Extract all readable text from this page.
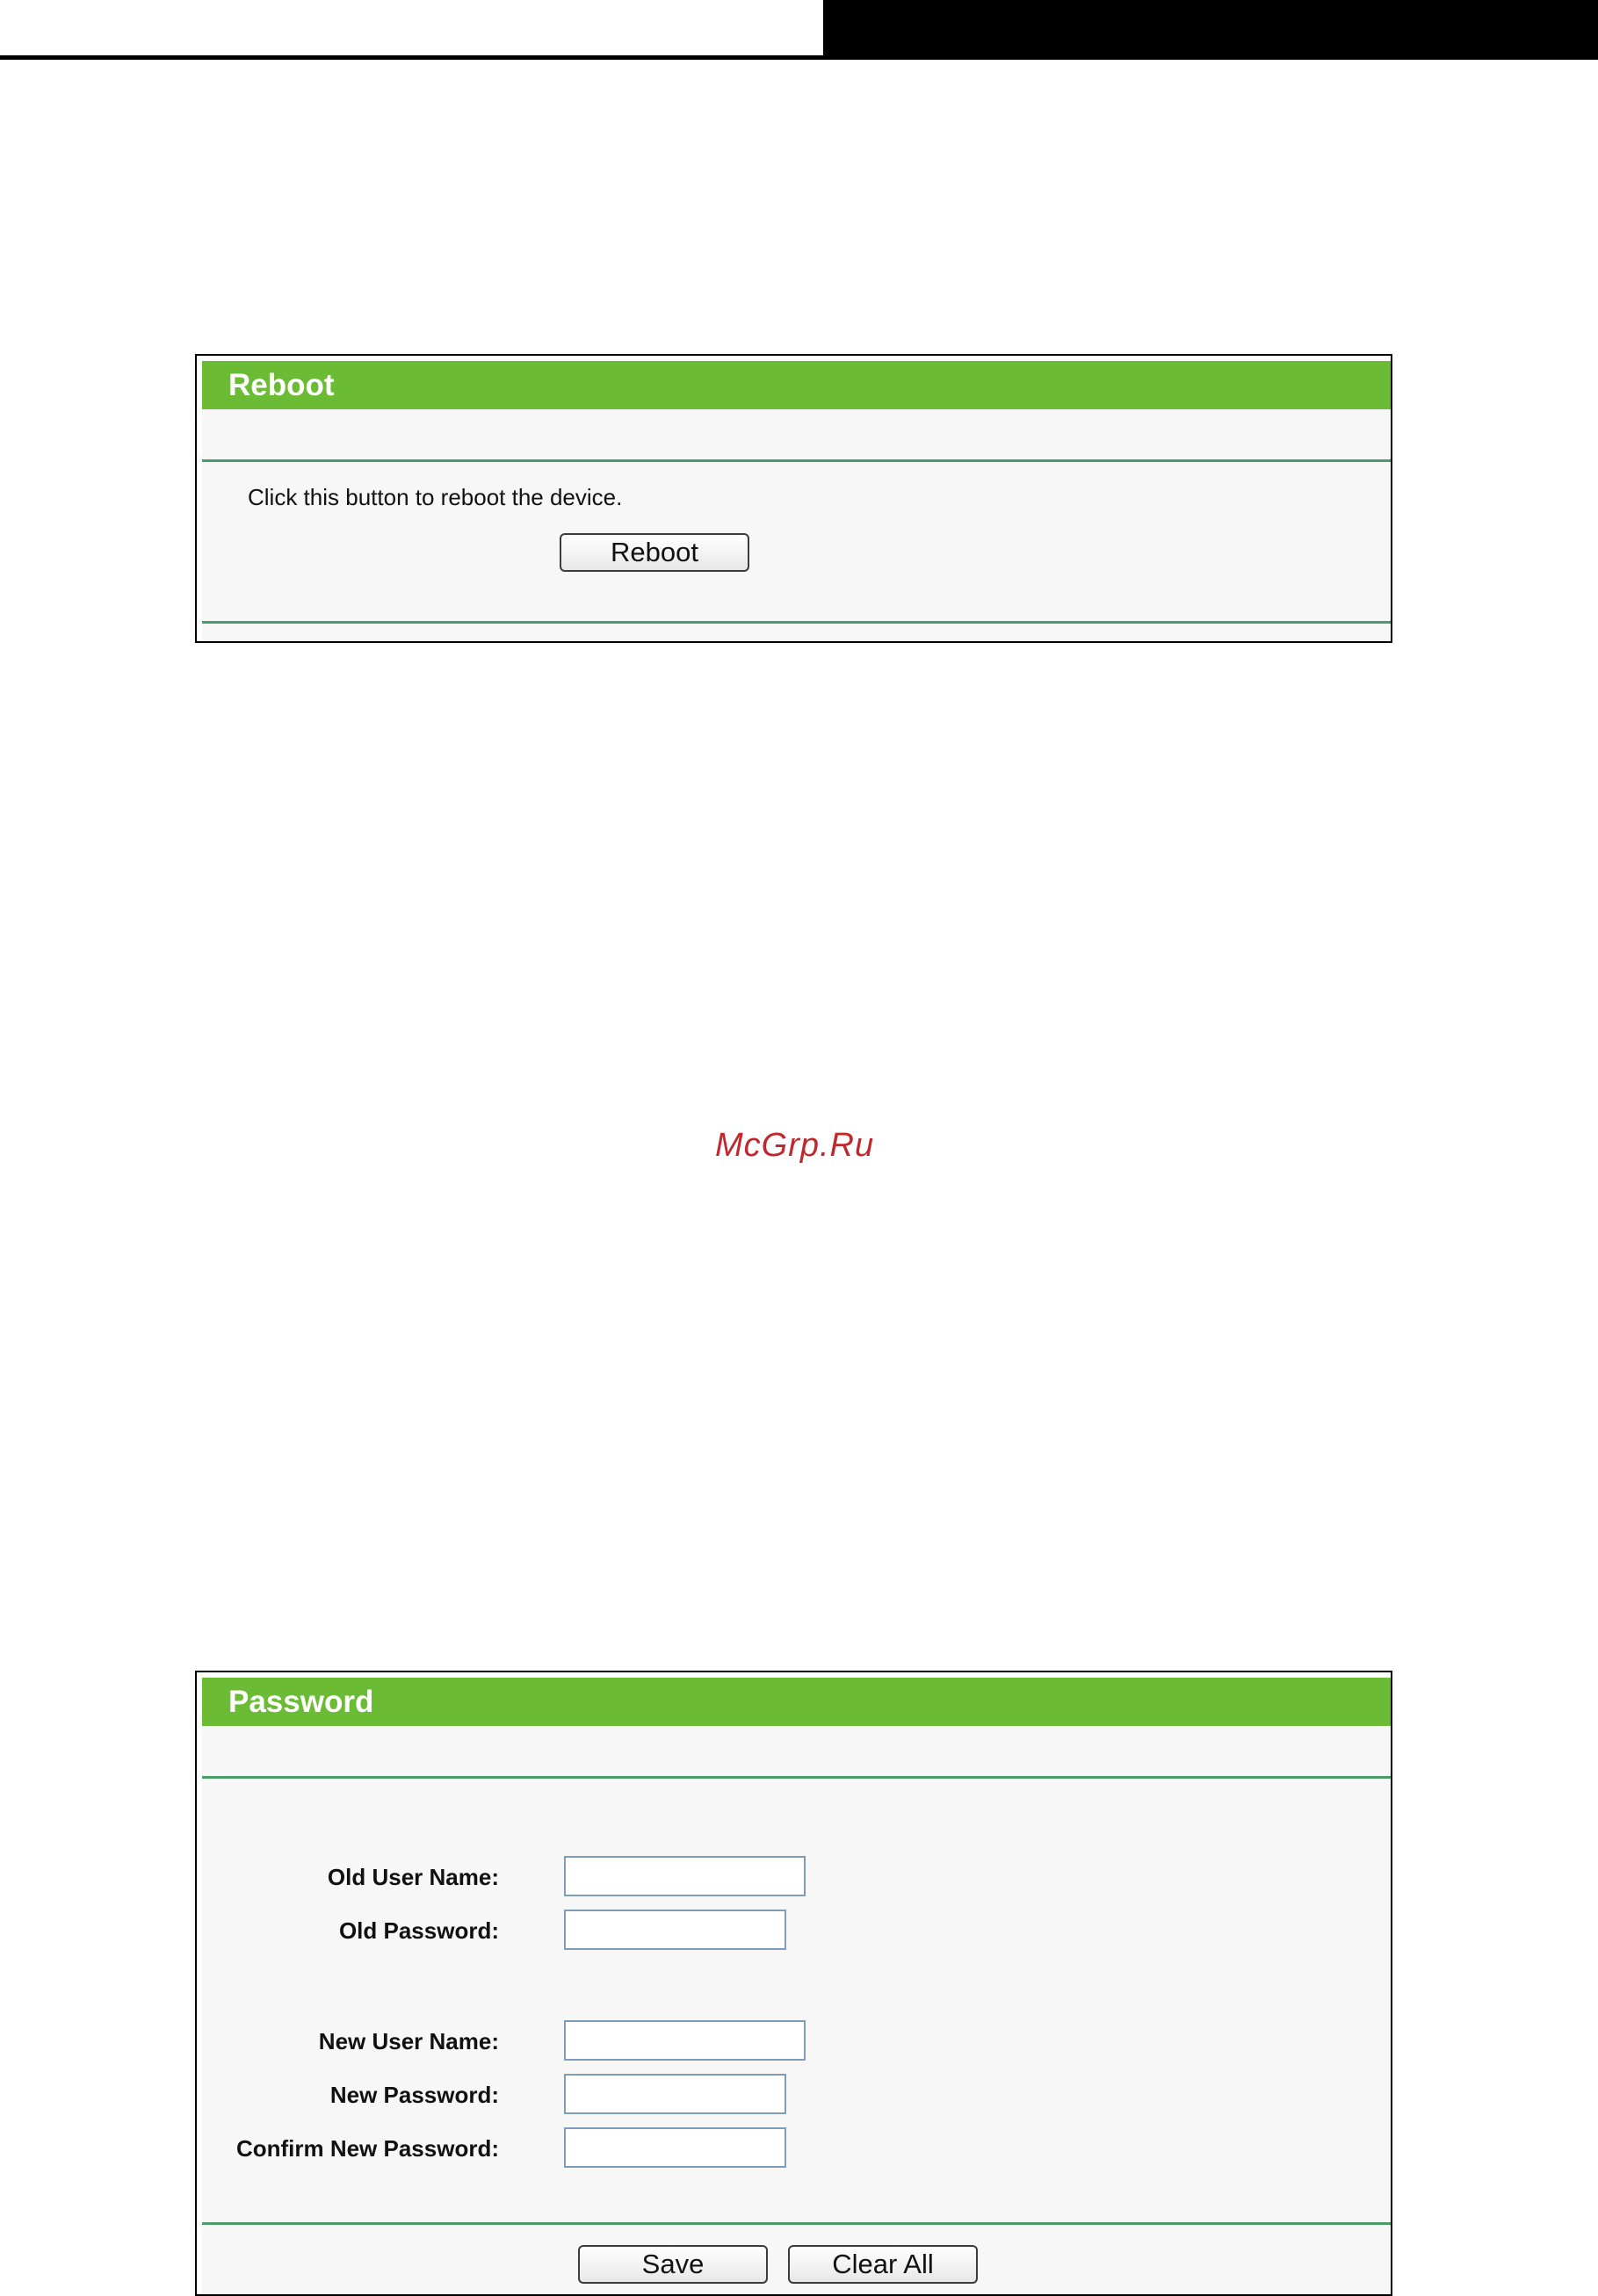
Reboot
Click this button to reboot the device.
Reboot
McGrp.Ru
Password
Old User Name:
Old Password:
New User Name:
New Password:
Confirm New Password:
Save	Clear All
